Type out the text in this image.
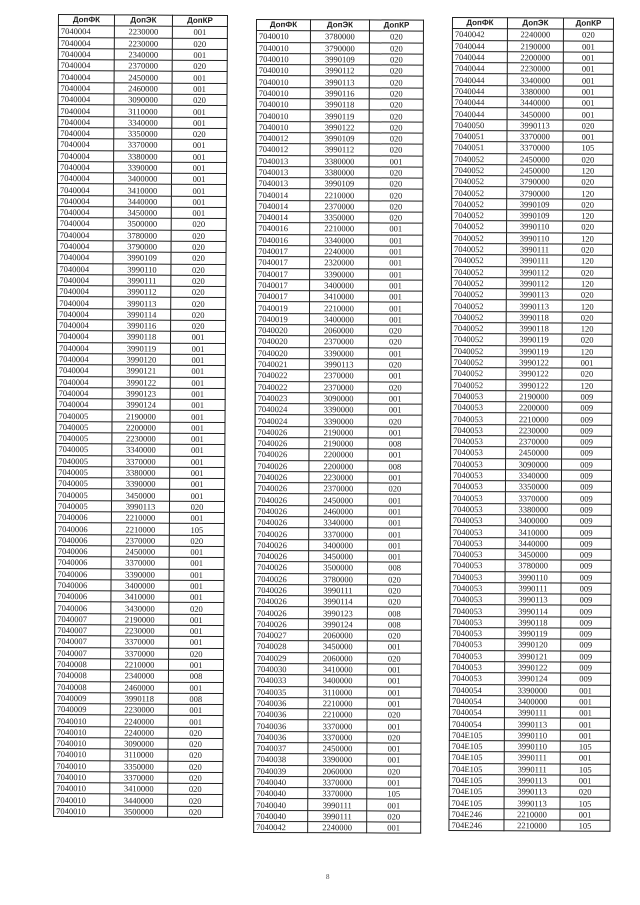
ДопФК	ДопЭК	ДопКР
7040004	2230000	001
7040004	2230000	020
7040004	2340000	001
7040004	2370000	020
7040004	2450000	001
7040004	2460000	001
7040004	3090000	020
7040004	3110000	001
7040004	3340000	001
7040004	3350000	020
7040004	3370000	001
7040004	3380000	001
7040004	3390000	001
7040004	3400000	001
7040004	3410000	001
7040004	3440000	001
7040004	3450000	001
7040004	3500000	020
7040004	3780000	020
7040004	3790000	020
7040004	3990109	020
7040004	3990110	020
7040004	3990111	020
7040004	3990112	020
7040004	3990113	020
7040004	3990114	020
7040004	3990116	020
7040004	3990118	001
7040004	3990119	001
7040004	3990120	001
7040004	3990121	001
7040004	3990122	001
7040004	3990123	001
7040004	3990124	001
7040005	2190000	001
7040005	2200000	001
7040005	2230000	001
7040005	3340000	001
7040005	3370000	001
7040005	3380000	001
7040005	3390000	001
7040005	3450000	001
7040005	3990113	020
7040006	2210000	001
7040006	2210000	105
7040006	2370000	020
7040006	2450000	001
7040006	3370000	001
7040006	3390000	001
7040006	3400000	001
7040006	3410000	001
7040006	3430000	020
7040007	2190000	001
7040007	2230000	001
7040007	3370000	001
7040007	3370000	020
7040008	2210000	001
7040008	2340000	008
7040008	2460000	001
7040009	3990118	008
7040009	2230000	001
7040010	2240000	001
7040010	2240000	020
7040010	3090000	020
7040010	3110000	020
7040010	3350000	020
7040010	3370000	020
7040010	3410000	020
7040010	3440000	020
7040010	3500000	020
ДопФК	ДопЭК	ДопКР
7040010	3780000	020
7040010	3790000	020
7040010	3990109	020
7040010	3990112	020
7040010	3990113	020
7040010	3990116	020
7040010	3990118	020
7040010	3990119	020
7040010	3990122	020
7040012	3990109	020
7040012	3990112	020
7040013	3380000	001
7040013	3380000	020
7040013	3990109	020
7040014	2210000	020
7040014	2370000	020
7040014	3350000	020
7040016	2210000	001
7040016	3340000	001
7040017	2240000	001
7040017	2320000	001
7040017	3390000	001
7040017	3400000	001
7040017	3410000	001
7040019	2210000	001
7040019	3400000	001
7040020	2060000	020
7040020	2370000	020
7040020	3390000	001
7040021	3990113	020
7040022	2370000	001
7040022	2370000	020
7040023	3090000	001
7040024	3390000	001
7040024	3390000	020
7040026	2190000	001
7040026	2190000	008
7040026	2200000	001
7040026	2200000	008
7040026	2230000	001
7040026	2370000	020
7040026	2450000	001
7040026	2460000	001
7040026	3340000	001
7040026	3370000	001
7040026	3400000	001
7040026	3450000	001
7040026	3500000	008
7040026	3780000	020
7040026	3990111	020
7040026	3990114	020
7040026	3990123	008
7040026	3990124	008
7040027	2060000	020
7040028	3450000	001
7040029	2060000	020
7040030	3410000	001
7040033	3400000	001
7040035	3110000	001
7040036	2210000	001
7040036	2210000	020
7040036	3370000	001
7040036	3370000	020
7040037	2450000	001
7040038	3390000	001
7040039	2060000	020
7040040	3370000	001
7040040	3370000	105
7040040	3990111	001
7040040	3990111	020
7040042	2240000	001
ДопФК	ДопЭК	ДопКР
7040042	2240000	020
7040044	2190000	001
7040044	2200000	001
7040044	2230000	001
7040044	3340000	001
7040044	3380000	001
7040044	3440000	001
7040044	3450000	001
7040050	3990113	020
7040051	3370000	001
7040051	3370000	105
7040052	2450000	020
7040052	2450000	120
7040052	3790000	020
7040052	3790000	120
7040052	3990109	020
7040052	3990109	120
7040052	3990110	020
7040052	3990110	120
7040052	3990111	020
7040052	3990111	120
7040052	3990112	020
7040052	3990112	120
7040052	3990113	020
7040052	3990113	120
7040052	3990118	020
7040052	3990118	120
7040052	3990119	020
7040052	3990119	120
7040052	3990122	001
7040052	3990122	020
7040052	3990122	120
7040053	2190000	009
7040053	2200000	009
7040053	2210000	009
7040053	2230000	009
7040053	2370000	009
7040053	2450000	009
7040053	3090000	009
7040053	3340000	009
7040053	3350000	009
7040053	3370000	009
7040053	3380000	009
7040053	3400000	009
7040053	3410000	009
7040053	3440000	009
7040053	3450000	009
7040053	3780000	009
7040053	3990110	009
7040053	3990111	009
7040053	3990113	009
7040053	3990114	009
7040053	3990118	009
7040053	3990119	009
7040053	3990120	009
7040053	3990121	009
7040053	3990122	009
7040053	3990124	009
7040054	3390000	001
7040054	3400000	001
7040054	3990111	001
7040054	3990113	001
704E105	3990110	001
704E105	3990110	105
704E105	3990111	001
704E105	3990111	105
704E105	3990113	001
704E105	3990113	020
704E105	3990113	105
704E246	2210000	001
704E246	2210000	105
8
